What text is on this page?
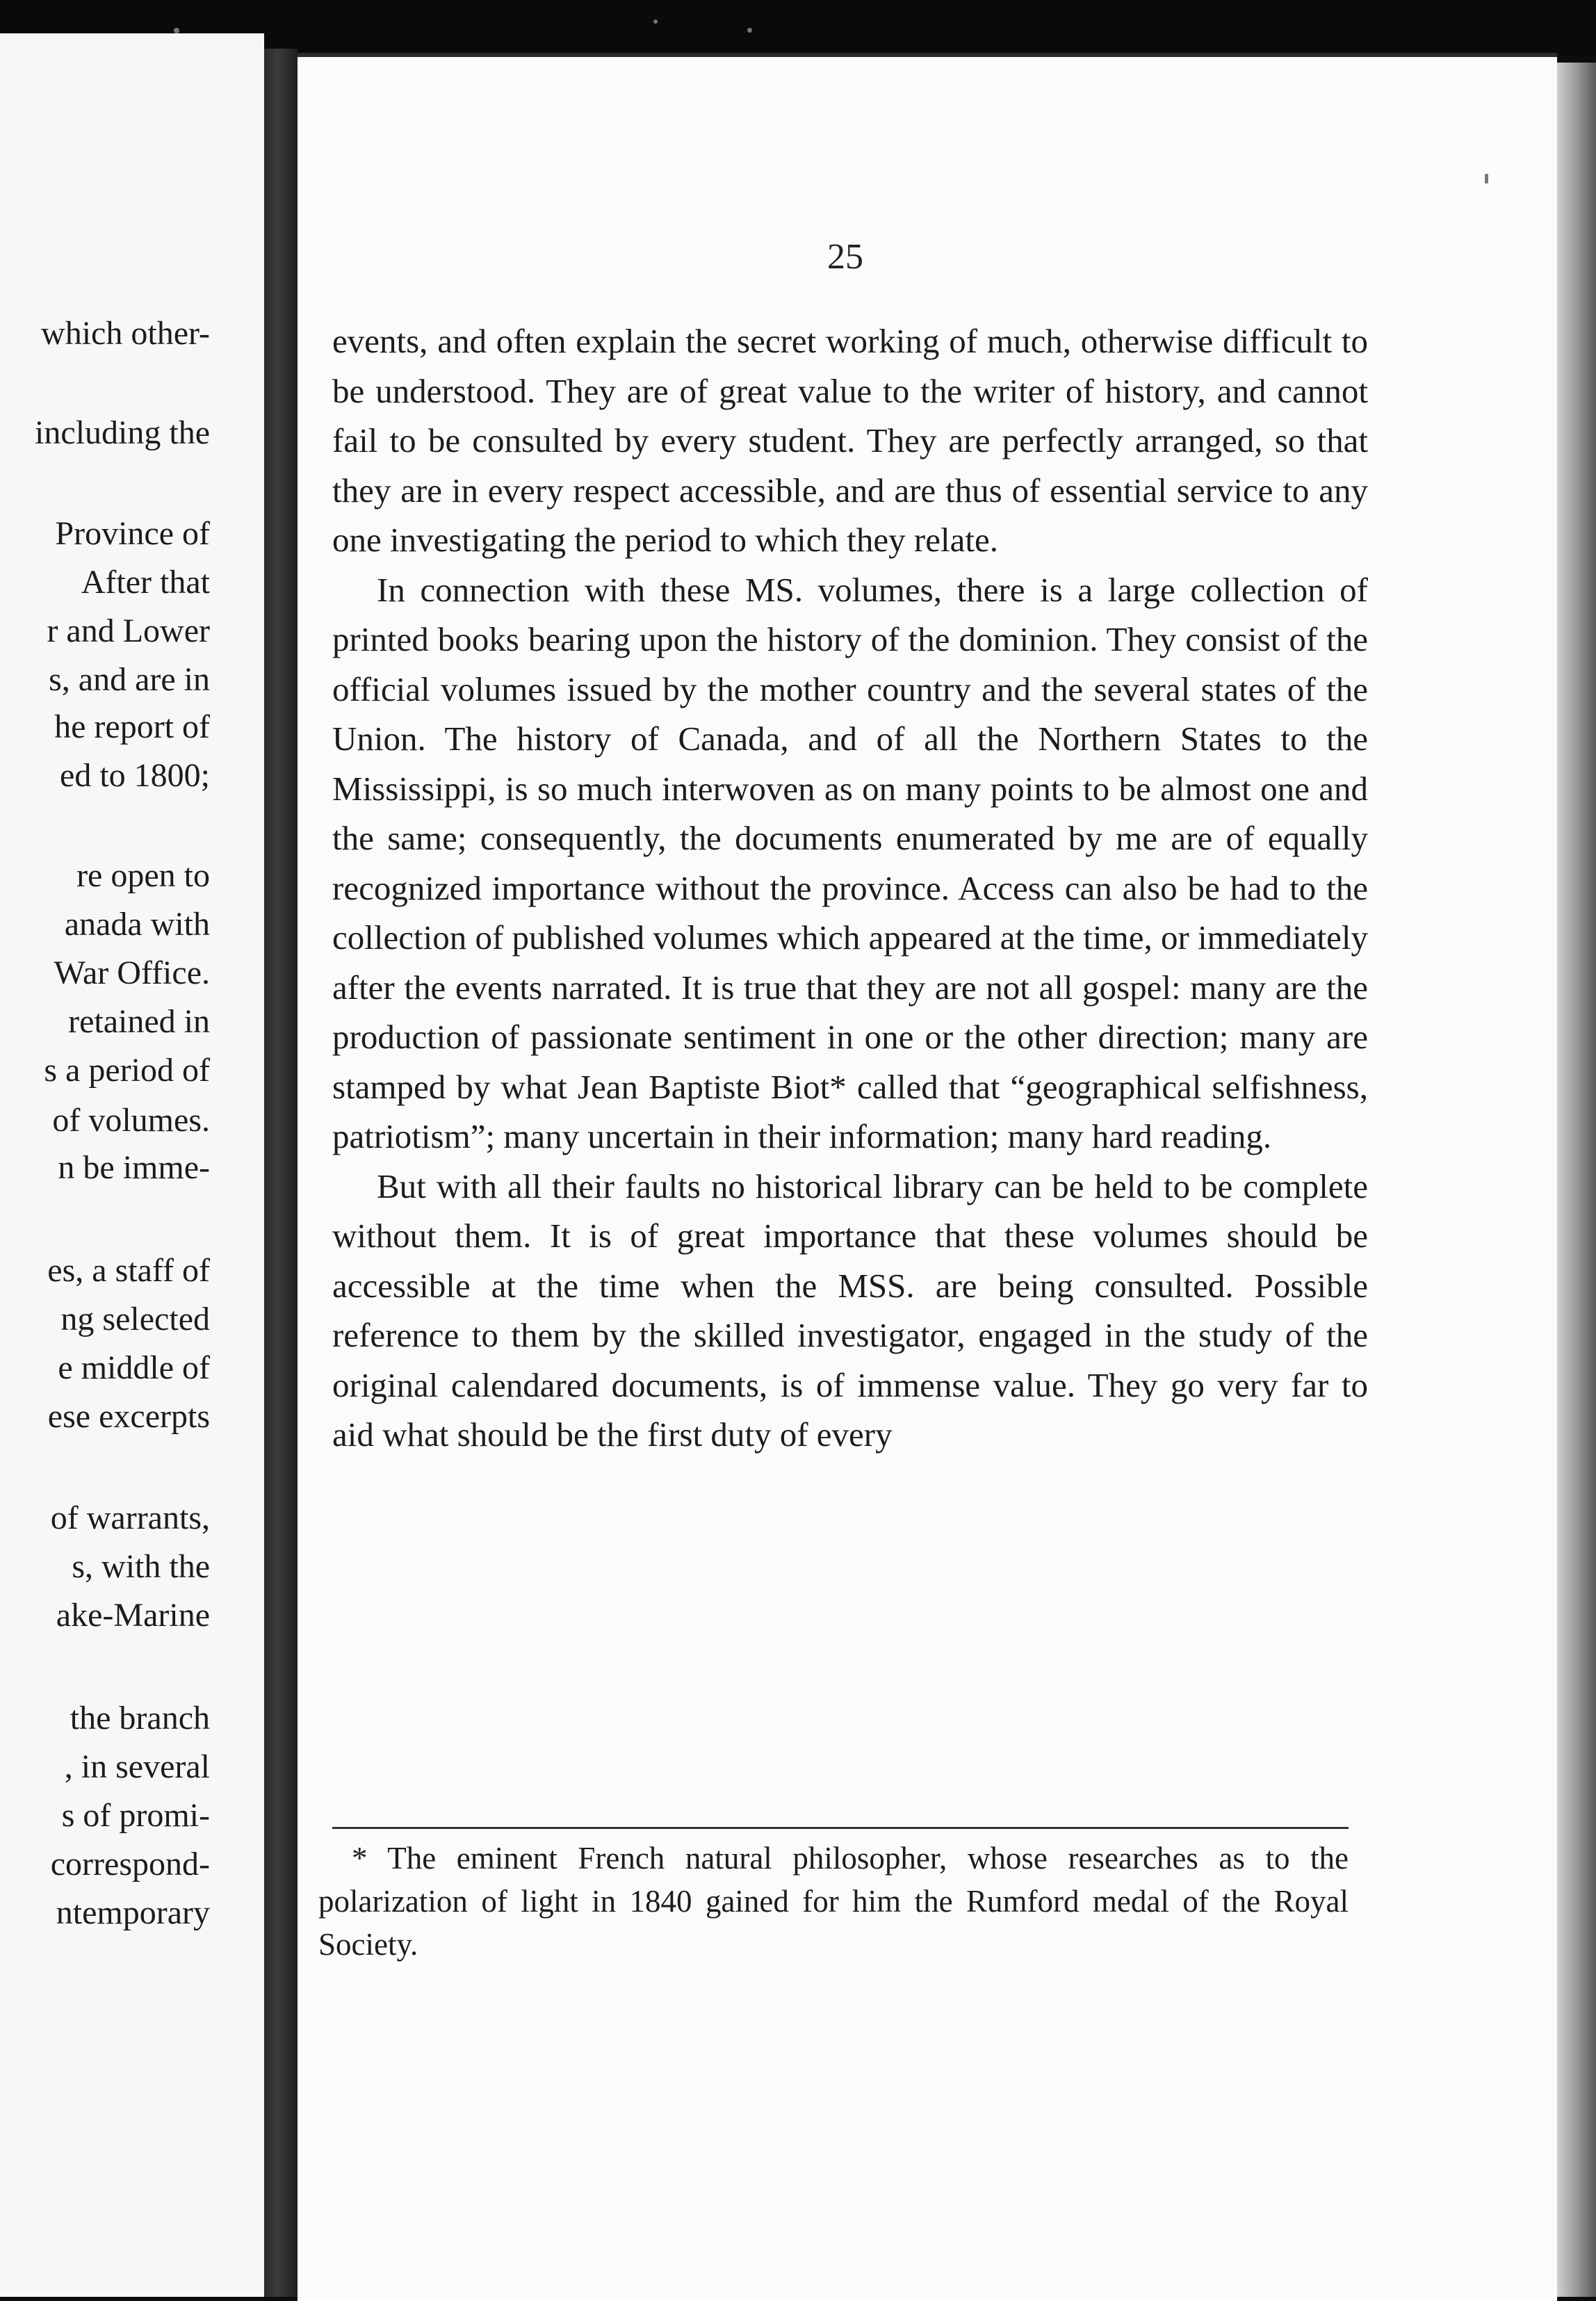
which other-
including the
Province of
After that
r and Lower
s, and are in
he report of
ed to 1800;
re open to
anada with
War Office.
retained in
s a period of
of volumes.
n be imme-
es, a staff of
ng selected
e middle of
ese excerpts
of warrants,
s, with the
ake-Marine
the branch
, in several
s of promi-
correspond-
ntemporary
25

events, and often explain the secret working of much, otherwise difficult to be understood. They are of great value to the writer of history, and cannot fail to be consulted by every student. They are perfectly arranged, so that they are in every respect accessible, and are thus of essential service to any one investigating the period to which they relate.

In connection with these MS. volumes, there is a large collection of printed books bearing upon the history of the dominion. They consist of the official volumes issued by the mother country and the several states of the Union. The history of Canada, and of all the Northern States to the Mississippi, is so much interwoven as on many points to be almost one and the same; consequently, the documents enumerated by me are of equally recognized importance without the province. Access can also be had to the collection of published volumes which appeared at the time, or immediately after the events narrated. It is true that they are not all gospel: many are the production of passionate sentiment in one or the other direction; many are stamped by what Jean Baptiste Biot* called that “geographical selfishness, patriotism”; many uncertain in their information; many hard reading.

But with all their faults no historical library can be held to be complete without them. It is of great importance that these volumes should be accessible at the time when the MSS. are being consulted. Possible reference to them by the skilled investigator, engaged in the study of the original calendared documents, is of immense value. They go very far to aid what should be the first duty of every

* The eminent French natural philosopher, whose researches as to the polarization of light in 1840 gained for him the Rumford medal of the Royal Society.
